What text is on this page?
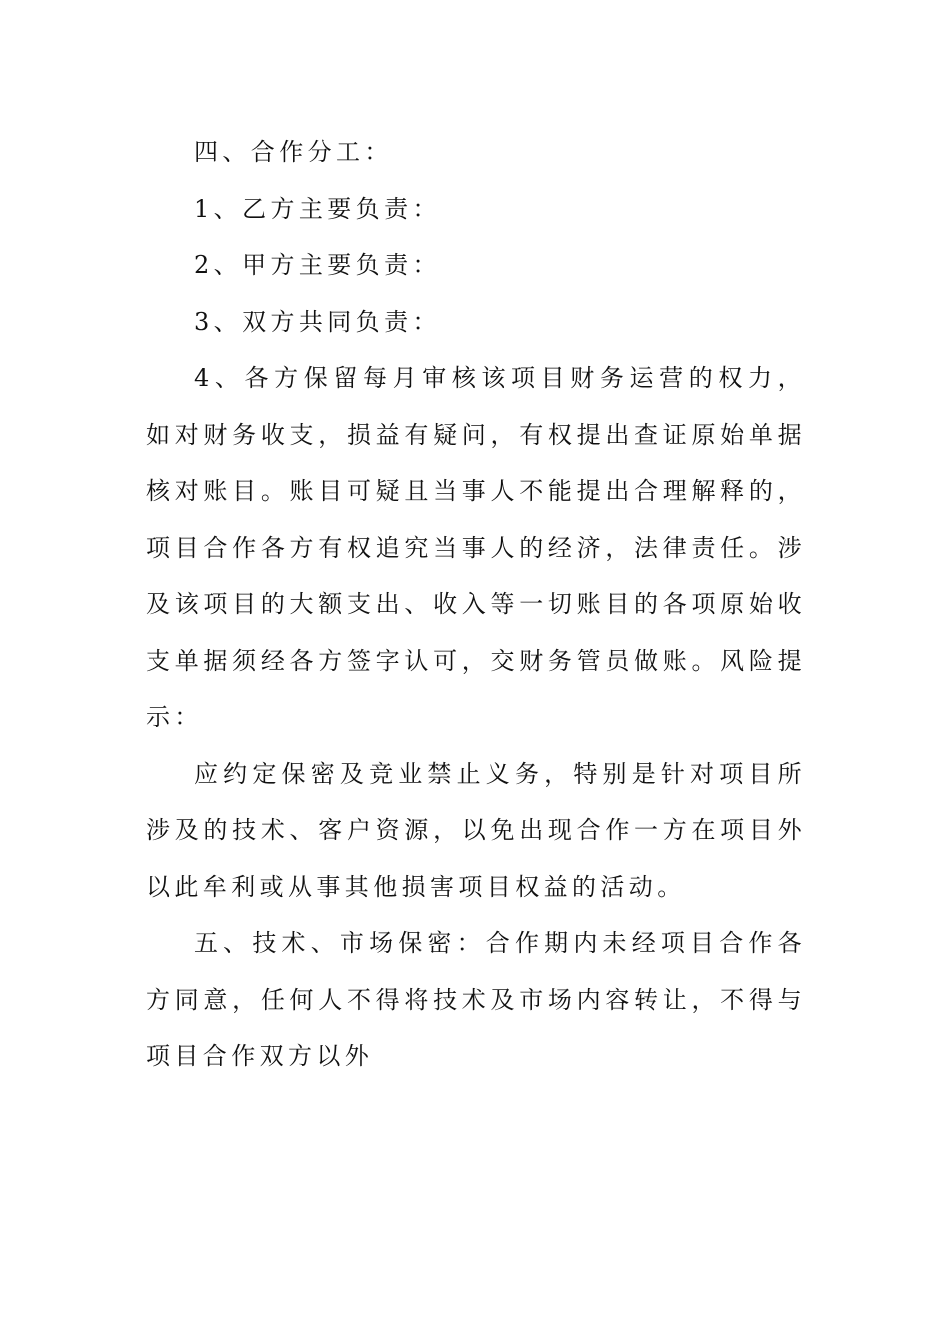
四、合作分工：

1、乙方主要负责：

2、甲方主要负责：

3、双方共同负责：

4、各方保留每月审核该项目财务运营的权力，如对财务收支，损益有疑问，有权提出查证原始单据核对账目。账目可疑且当事人不能提出合理解释的，项目合作各方有权追究当事人的经济，法律责任。涉及该项目的大额支出、收入等一切账目的各项原始收支单据须经各方签字认可，交财务管员做账。风险提示：

应约定保密及竞业禁止义务，特别是针对项目所涉及的技术、客户资源，以免出现合作一方在项目外以此牟利或从事其他损害项目权益的活动。

五、技术、市场保密：合作期内未经项目合作各方同意，任何人不得将技术及市场内容转让，不得与项目合作双方以外
